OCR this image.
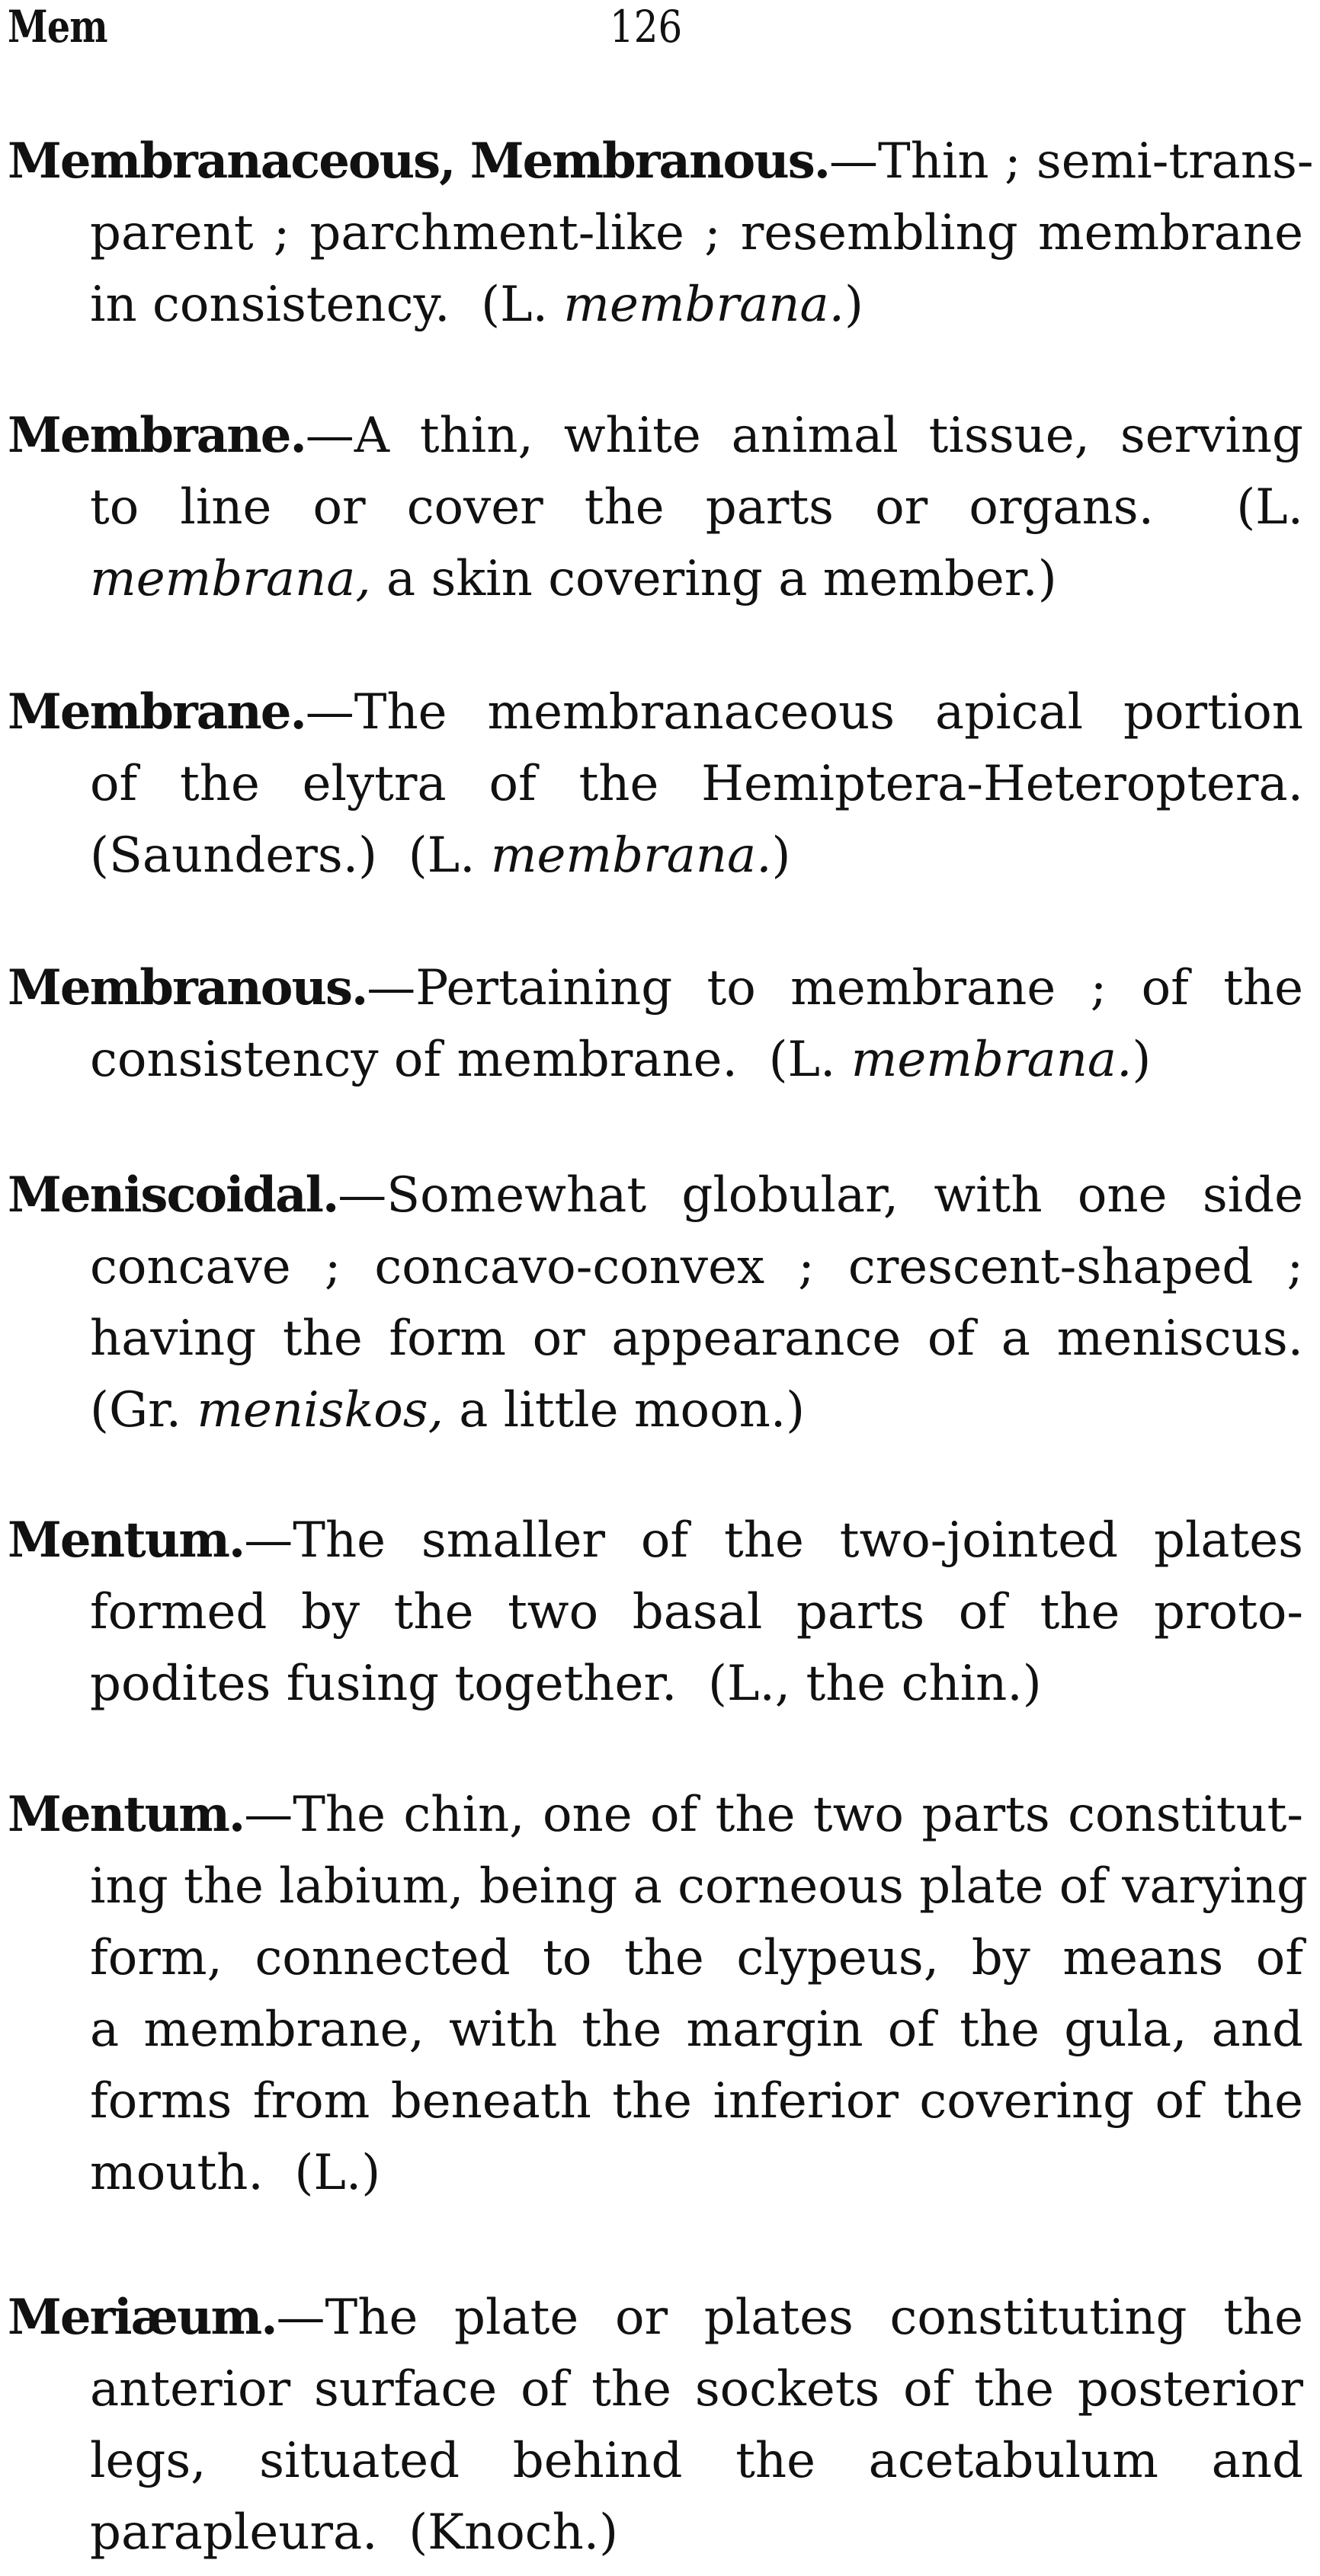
Mem	126
Membranaceous, Membranous.—Thin ; semi-trans-
parent ; parchment-like ; resembling membrane
in consistency.  (L. membrana.)
Membrane.—A thin, white animal tissue, serving
to line or cover the parts or organs.  (L.
membrana, a skin covering a member.)
Membrane.—The membranaceous apical portion
of the elytra of the Hemiptera-Heteroptera.
(Saunders.)  (L. membrana.)
Membranous.—Pertaining to membrane ; of the
consistency of membrane.  (L. membrana.)
Meniscoidal.—Somewhat globular, with one side
concave ; concavo-convex ; crescent-shaped ;
having the form or appearance of a meniscus.
(Gr. meniskos, a little moon.)
Mentum.—The smaller of the two-jointed plates
formed by the two basal parts of the proto-
podites fusing together.  (L., the chin.)
Mentum.—The chin, one of the two parts constitut-
ing the labium, being a corneous plate of varying
form, connected to the clypeus, by means of
a membrane, with the margin of the gula, and
forms from beneath the inferior covering of the
mouth.  (L.)
Meriæum.—The plate or plates constituting the
anterior surface of the sockets of the posterior
legs, situated behind the acetabulum and
parapleura.  (Knoch.)
